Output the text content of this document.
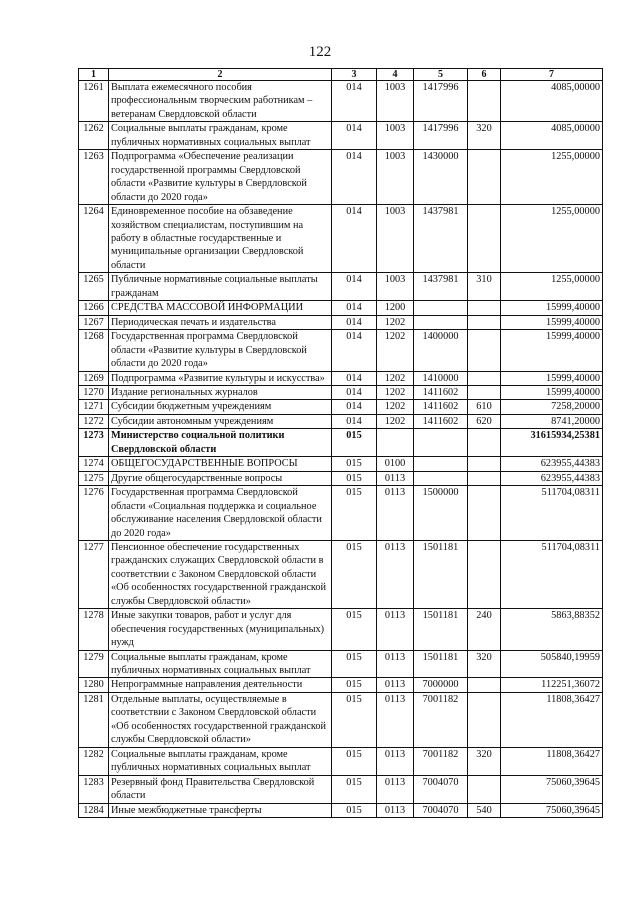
122
1	2	3	4	5	6	7
1261	Выплата ежемесячного пособия профессиональным творческим работникам – ветеранам Свердловской области	014	1003	1417996		4085,00000
1262	Социальные выплаты гражданам, кроме публичных нормативных социальных выплат	014	1003	1417996	320	4085,00000
1263	Подпрограмма «Обеспечение реализации государственной программы Свердловской области «Развитие культуры в Свердловской области до 2020 года»	014	1003	1430000		1255,00000
1264	Единовременное пособие на обзаведение хозяйством специалистам, поступившим на работу в областные государственные и муниципальные организации Свердловской области	014	1003	1437981		1255,00000
1265	Публичные нормативные социальные выплаты гражданам	014	1003	1437981	310	1255,00000
1266	СРЕДСТВА МАССОВОЙ ИНФОРМАЦИИ	014	1200			15999,40000
1267	Периодическая печать и издательства	014	1202			15999,40000
1268	Государственная программа Свердловской области «Развитие культуры в Свердловской области до 2020 года»	014	1202	1400000		15999,40000
1269	Подпрограмма «Развитие культуры и искусства»	014	1202	1410000		15999,40000
1270	Издание региональных журналов	014	1202	1411602		15999,40000
1271	Субсидии бюджетным учреждениям	014	1202	1411602	610	7258,20000
1272	Субсидии автономным учреждениям	014	1202	1411602	620	8741,20000
1273	Министерство социальной политики Свердловской области	015				31615934,25381
1274	ОБЩЕГОСУДАРСТВЕННЫЕ ВОПРОСЫ	015	0100			623955,44383
1275	Другие общегосударственные вопросы	015	0113			623955,44383
1276	Государственная программа Свердловской области «Социальная поддержка и социальное обслуживание населения Свердловской области до 2020 года»	015	0113	1500000		511704,08311
1277	Пенсионное обеспечение государственных гражданских служащих Свердловской области в соответствии с Законом Свердловской области «Об особенностях государственной гражданской службы Свердловской области»	015	0113	1501181		511704,08311
1278	Иные закупки товаров, работ и услуг для обеспечения государственных (муниципальных) нужд	015	0113	1501181	240	5863,88352
1279	Социальные выплаты гражданам, кроме публичных нормативных социальных выплат	015	0113	1501181	320	505840,19959
1280	Непрограммные направления деятельности	015	0113	7000000		112251,36072
1281	Отдельные выплаты, осуществляемые в соответствии с Законом Свердловской области «Об особенностях государственной гражданской службы Свердловской области»	015	0113	7001182		11808,36427
1282	Социальные выплаты гражданам, кроме публичных нормативных социальных выплат	015	0113	7001182	320	11808,36427
1283	Резервный фонд Правительства Свердловской области	015	0113	7004070		75060,39645
1284	Иные межбюджетные трансферты	015	0113	7004070	540	75060,39645
